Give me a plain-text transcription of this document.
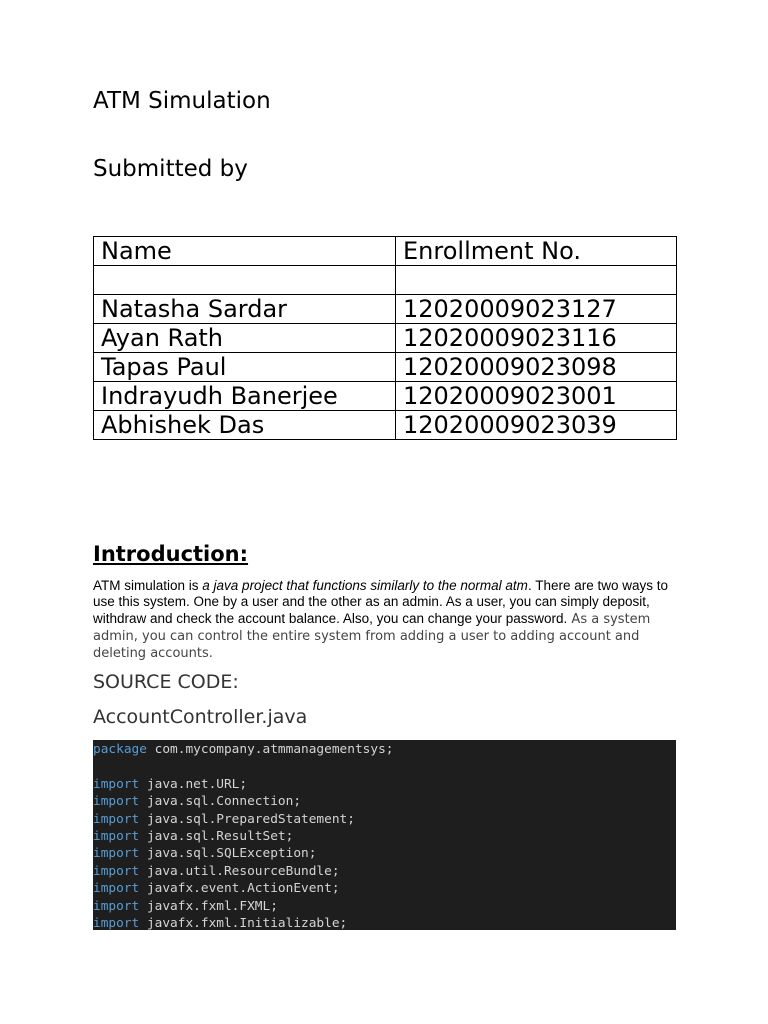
ATM Simulation
Submitted by
Name	Enrollment No.

Natasha Sardar	12020009023127
Ayan Rath	12020009023116
Tapas Paul	12020009023098
Indrayudh Banerjee	12020009023001
Abhishek Das	12020009023039
Introduction:

ATM simulation is a java project that functions similarly to the normal atm. There are two ways to use this system. One by a user and the other as an admin. As a user, you can simply deposit, withdraw and check the account balance. Also, you can change your password. As a system admin, you can control the entire system from adding a user to adding account and deleting accounts.

SOURCE CODE:
AccountController.java
package com.mycompany.atmmanagementsys;
import java.net.URL;
import java.sql.Connection;
import java.sql.PreparedStatement;
import java.sql.ResultSet;
import java.sql.SQLException;
import java.util.ResourceBundle;
import javafx.event.ActionEvent;
import javafx.fxml.FXML;
import javafx.fxml.Initializable;
